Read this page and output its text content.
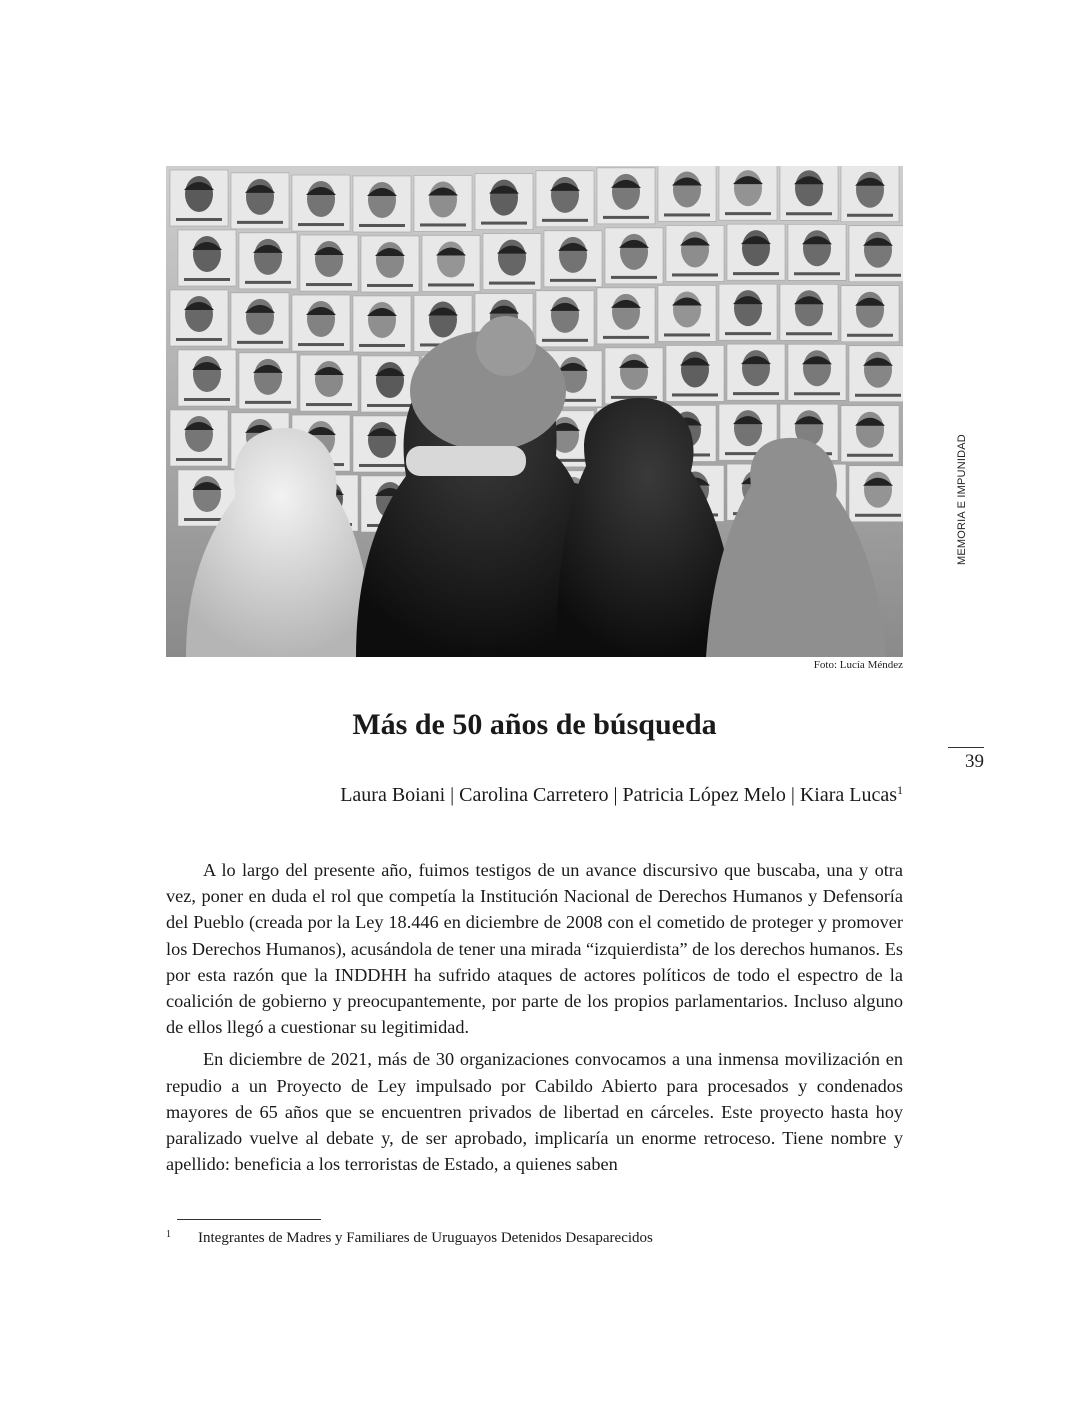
Foto: Lucía Méndez
MEMORIA E IMPUNIDAD
39
Más de 50 años de búsqueda
Laura Boiani | Carolina Carretero | Patricia López Melo | Kiara Lucas$^1$

A lo largo del presente año, fuimos testigos de un avance discursivo que buscaba, una y otra vez, poner en duda el rol que competía la Institución Nacional de Derechos Humanos y Defensoría del Pueblo (creada por la Ley 18.446 en diciembre de 2008 con el cometido de proteger y promover los Derechos Humanos), acusándola de tener una mirada “izquierdista” de los derechos humanos. Es por esta razón que la INDDHH ha sufrido ataques de actores políticos de todo el espectro de la coalición de gobierno y preocupantemente, por parte de los propios parlamentarios. Incluso alguno de ellos llegó a cuestionar su legitimidad.

En diciembre de 2021, más de 30 organizaciones convocamos a una inmensa movilización en repudio a un Proyecto de Ley impulsado por Cabildo Abierto para procesados y condenados mayores de 65 años que se encuentren privados de libertad en cárceles. Este proyecto hasta hoy paralizado vuelve al debate y, de ser aprobado, implicaría un enorme retroceso. Tiene nombre y apellido: beneficia a los terroristas de Estado, a quienes saben

1 Integrantes de Madres y Familiares de Uruguayos Detenidos Desaparecidos
